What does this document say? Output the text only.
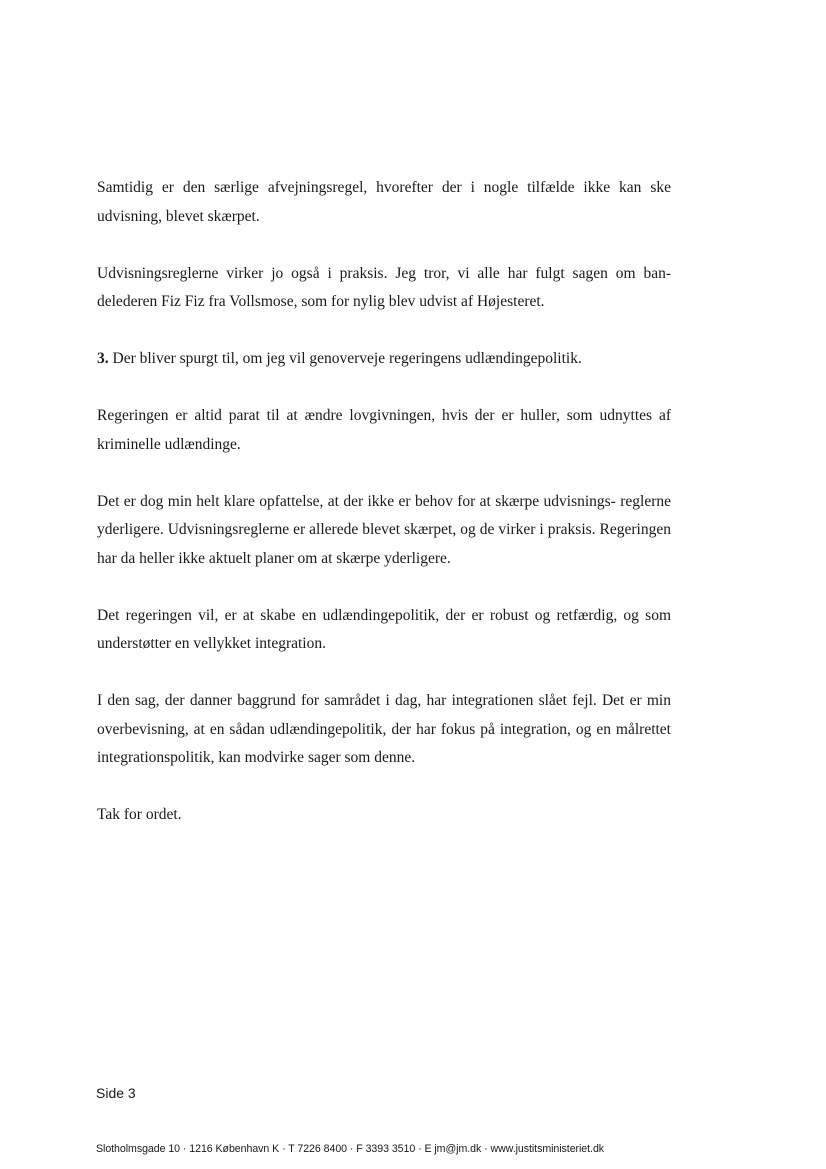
Samtidig er den særlige afvejningsregel, hvorefter der i nogle tilfælde ikke kan ske udvisning, blevet skærpet.

Udvisningsreglerne virker jo også i praksis. Jeg tror, vi alle har fulgt sagen om ban- delederen Fiz Fiz fra Vollsmose, som for nylig blev udvist af Højesteret.

3. Der bliver spurgt til, om jeg vil genoverveje regeringens udlændingepolitik.

Regeringen er altid parat til at ændre lovgivningen, hvis der er huller, som udnyttes af kriminelle udlændinge.

Det er dog min helt klare opfattelse, at der ikke er behov for at skærpe udvisnings- reglerne yderligere. Udvisningsreglerne er allerede blevet skærpet, og de virker i praksis. Regeringen har da heller ikke aktuelt planer om at skærpe yderligere.

Det regeringen vil, er at skabe en udlændingepolitik, der er robust og retfærdig, og som understøtter en vellykket integration.

I den sag, der danner baggrund for samrådet i dag, har integrationen slået fejl. Det er min overbevisning, at en sådan udlændingepolitik, der har fokus på integration, og en målrettet integrationspolitik, kan modvirke sager som denne.

Tak for ordet.

Side 3
Slotholmsgade 10 · 1216 København K · T 7226 8400 · F 3393 3510 · E jm@jm.dk · www.justitsministeriet.dk
